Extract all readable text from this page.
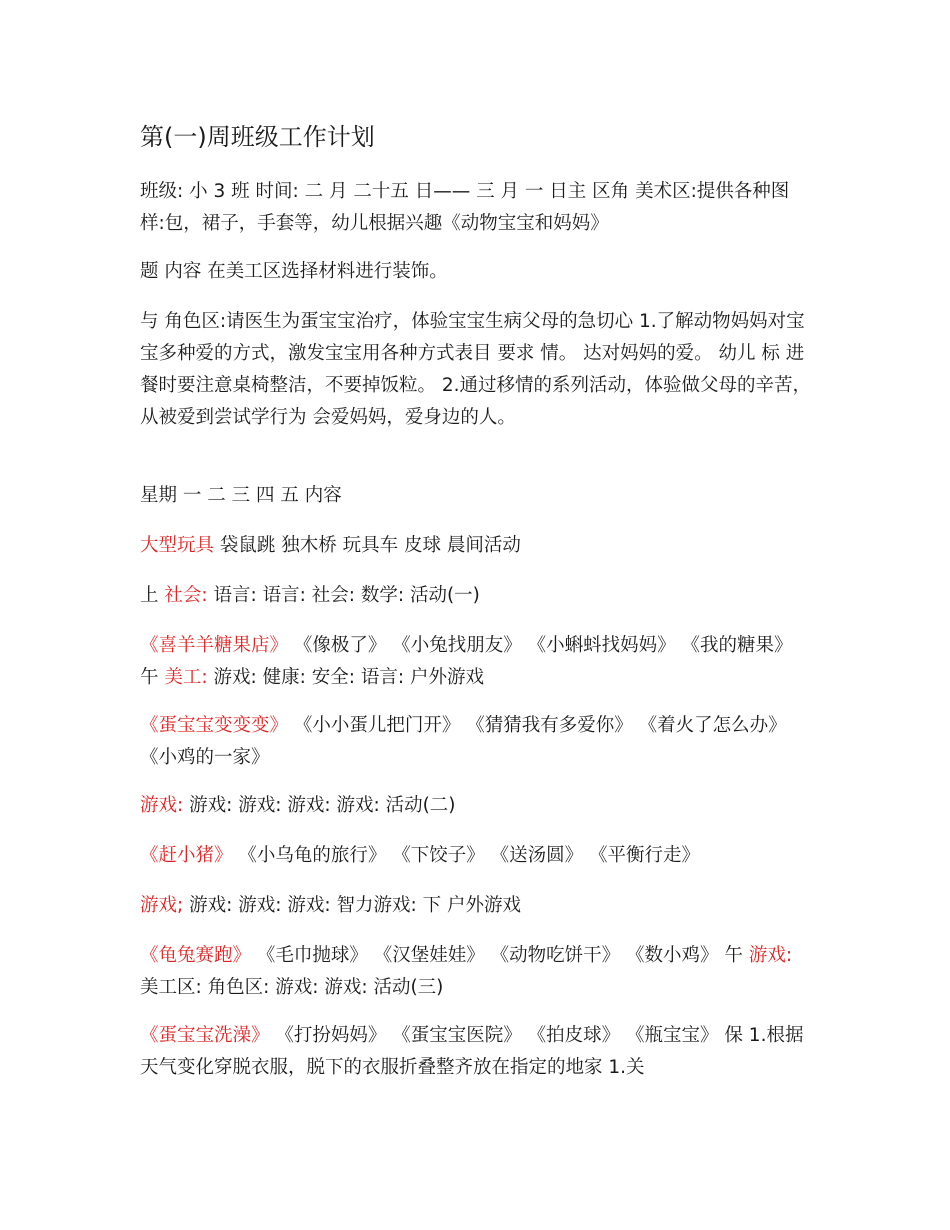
第(一)周班级工作计划

班级: 小 3 班 时间: 二 月 二十五 日—— 三 月 一 日主 区角 美术区:提供各种图样:包，裙子，手套等，幼儿根据兴趣《动物宝宝和妈妈》

题 内容 在美工区选择材料进行装饰。

与 角色区:请医生为蛋宝宝治疗，体验宝宝生病父母的急切心 1.了解动物妈妈对宝宝多种爱的方式，激发宝宝用各种方式表目 要求 情。 达对妈妈的爱。 幼儿 标 进餐时要注意桌椅整洁，不要掉饭粒。 2.通过移情的系列活动，体验做父母的辛苦，从被爱到尝试学行为 会爱妈妈，爱身边的人。

星期 一 二 三 四 五 内容

大型玩具 袋鼠跳 独木桥 玩具车 皮球 晨间活动

上 社会: 语言: 语言: 社会: 数学: 活动(一)

《喜羊羊糖果店》 《像极了》 《小兔找朋友》 《小蝌蚪找妈妈》 《我的糖果》 午 美工: 游戏: 健康: 安全: 语言: 户外游戏

《蛋宝宝变变变》 《小小蛋儿把门开》 《猜猜我有多爱你》 《着火了怎么办》 《小鸡的一家》

游戏: 游戏: 游戏: 游戏: 游戏: 活动(二)

《赶小猪》 《小乌龟的旅行》 《下饺子》 《送汤圆》 《平衡行走》

游戏; 游戏: 游戏: 游戏: 智力游戏: 下 户外游戏

《龟兔赛跑》 《毛巾抛球》 《汉堡娃娃》 《动物吃饼干》 《数小鸡》 午 游戏: 美工区: 角色区: 游戏: 游戏: 活动(三)

《蛋宝宝洗澡》 《打扮妈妈》 《蛋宝宝医院》 《拍皮球》 《瓶宝宝》 保 1.根据天气变化穿脱衣服，脱下的衣服折叠整齐放在指定的地家 1.关
